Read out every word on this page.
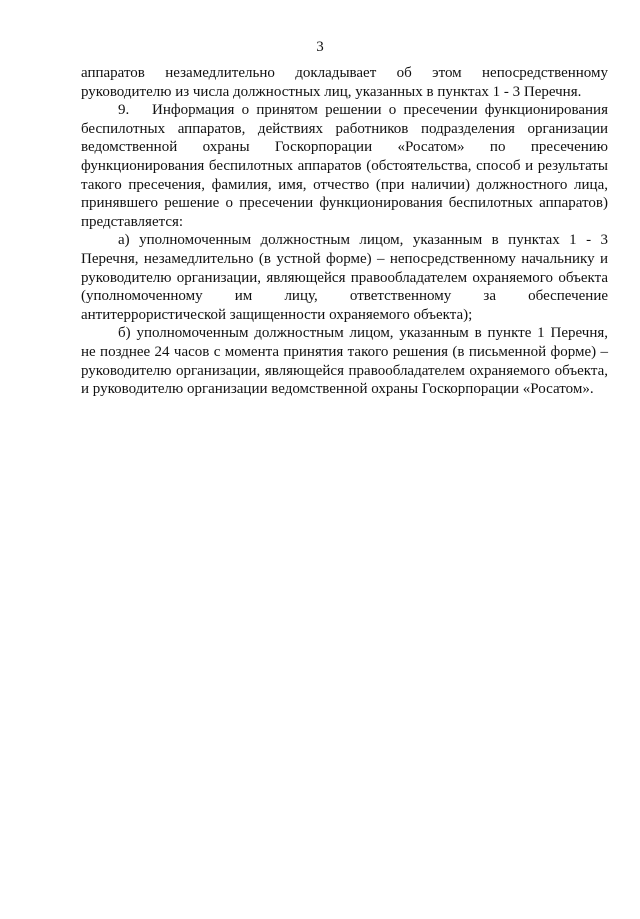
3

аппаратов незамедлительно докладывает об этом непосредственному руководителю из числа должностных лиц, указанных в пунктах 1 - 3 Перечня.

9. Информация о принятом решении о пресечении функционирования беспилотных аппаратов, действиях работников подразделения организации ведомственной охраны Госкорпорации «Росатом» по пресечению функционирования беспилотных аппаратов (обстоятельства, способ и результаты такого пресечения, фамилия, имя, отчество (при наличии) должностного лица, принявшего решение о пресечении функционирования беспилотных аппаратов) представляется:

а) уполномоченным должностным лицом, указанным в пунктах 1 - 3 Перечня, незамедлительно (в устной форме) – непосредственному начальнику и руководителю организации, являющейся правообладателем охраняемого объекта (уполномоченному им лицу, ответственному за обеспечение антитеррористической защищенности охраняемого объекта);

б) уполномоченным должностным лицом, указанным в пункте 1 Перечня, не позднее 24 часов с момента принятия такого решения (в письменной форме) – руководителю организации, являющейся правообладателем охраняемого объекта, и руководителю организации ведомственной охраны Госкорпорации «Росатом».
